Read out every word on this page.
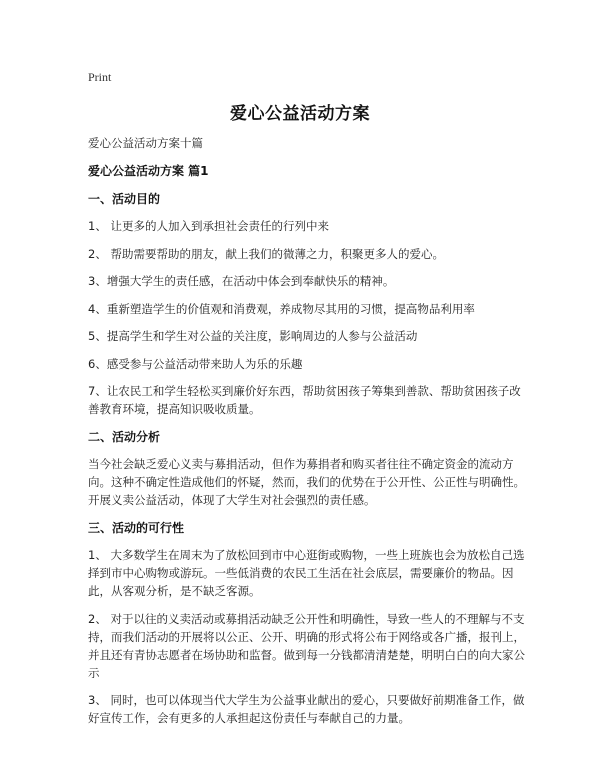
Print
爱心公益活动方案

爱心公益活动方案十篇

爱心公益活动方案 篇1

一、活动目的

1、 让更多的人加入到承担社会责任的行列中来

2、 帮助需要帮助的朋友，献上我们的微薄之力，积聚更多人的爱心。

3、增强大学生的责任感，在活动中体会到奉献快乐的精神。

4、重新塑造学生的价值观和消费观，养成物尽其用的习惯，提高物品利用率

5、提高学生和学生对公益的关注度，影响周边的人参与公益活动

6、感受参与公益活动带来助人为乐的乐趣

7、让农民工和学生轻松买到廉价好东西，帮助贫困孩子筹集到善款、帮助贫困孩子改善教育环境，提高知识吸收质量。

二、活动分析

当今社会缺乏爱心义卖与募捐活动，但作为募捐者和购买者往往不确定资金的流动方向。这种不确定性造成他们的怀疑，然而，我们的优势在于公开性、公正性与明确性。开展义卖公益活动，体现了大学生对社会强烈的责任感。

三、活动的可行性

1、 大多数学生在周末为了放松回到市中心逛街或购物，一些上班族也会为放松自己选择到市中心购物或游玩。一些低消费的农民工生活在社会底层，需要廉价的物品。因此，从客观分析，是不缺乏客源。

2、 对于以往的义卖活动或募捐活动缺乏公开性和明确性，导致一些人的不理解与不支持，而我们活动的开展将以公正、公开、明确的形式将公布于网络或各广播，报刊上，并且还有青协志愿者在场协助和监督。做到每一分钱都清清楚楚，明明白白的向大家公示

3、 同时，也可以体现当代大学生为公益事业献出的爱心，只要做好前期准备工作，做好宣传工作，会有更多的人承担起这份责任与奉献自己的力量。
